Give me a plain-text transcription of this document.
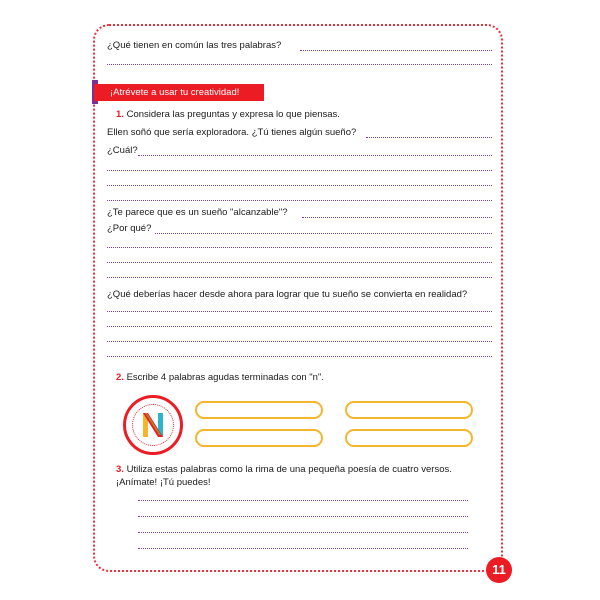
¿Qué tienen en común las tres palabras?
¡Atrévete a usar tu creatividad!
1. Considera las preguntas y expresa lo que piensas.
Ellen soñó que sería exploradora. ¿Tú tienes algún sueño?
¿Cuál?
¿Te parece que es un sueño "alcanzable"?
¿Por qué?
¿Qué deberías hacer desde ahora para lograr que tu sueño se convierta en realidad?
2. Escribe 4 palabras agudas terminadas con "n".
3. Utiliza estas palabras como la rima de una pequeña poesía de cuatro versos.
¡Anímate! ¡Tú puedes!
11
